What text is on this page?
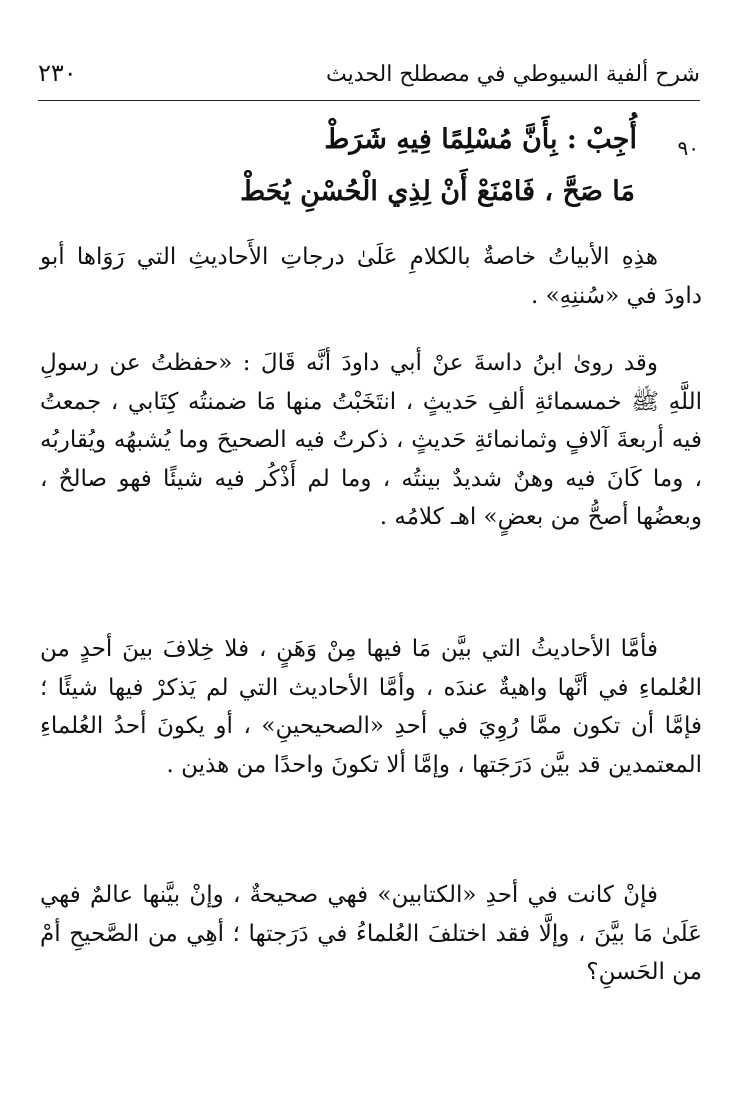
شرح ألفية السيوطي في مصطلح الحديث
٢٣٠
٩٠
أُجِبْ : بِأَنَّ مُسْلِمًا فِيهِ شَرَطْ
مَا صَحَّ ، فَامْنَعْ أَنْ لِذِي الْحُسْنِ يُحَطْ

هذِهِ الأبياتُ خاصةٌ بالكلامِ عَلَىٰ درجاتِ الأَحاديثِ التي رَوَاها أبو داودَ في «سُننِهِ» .

وقد روىٰ ابنُ داسةَ عنْ أبي داودَ أنَّه قَالَ : «حفظتُ عن رسولِ اللَّهِ ﷺ خمسمائةِ ألفِ حَديثٍ ، انتَخَبْتُ منها مَا ضمنتُه كِتَابي ، جمعتُ فيه أربعةَ آلافٍ وثمانمائةِ حَديثٍ ، ذكرتُ فيه الصحيحَ وما يُشبهُه ويُقاربُه ، وما كَانَ فيه وهنٌ شديدٌ بينتُه ، وما لم أَذْكُر فيه شيئًا فهو صالحٌ ، وبعضُها أصحُّ من بعضٍ» اهـ كلامُه .

فأمَّا الأحاديثُ التي بيَّن مَا فيها مِنْ وَهَنٍ ، فلا خِلافَ بينَ أحدٍ من العُلماءِ في أنَّها واهيةٌ عندَه ، وأمَّا الأحاديث التي لم يَذكرْ فيها شيئًا ؛ فإمَّا أن تكون ممَّا رُوِيَ في أحدِ «الصحيحينِ» ، أو يكونَ أحدُ العُلماءِ المعتمدين قد بيَّن دَرَجَتها ، وإمَّا ألا تكونَ واحدًا من هذين .

فإنْ كانت في أحدِ «الكتابين» فهي صحيحةٌ ، وإنْ بيَّنها عالمٌ فهي عَلَىٰ مَا بيَّنَ ، وإلَّا فقد اختلفَ العُلماءُ في دَرَجتها ؛ أهِي من الصَّحيحِ أمْ من الحَسنِ؟
